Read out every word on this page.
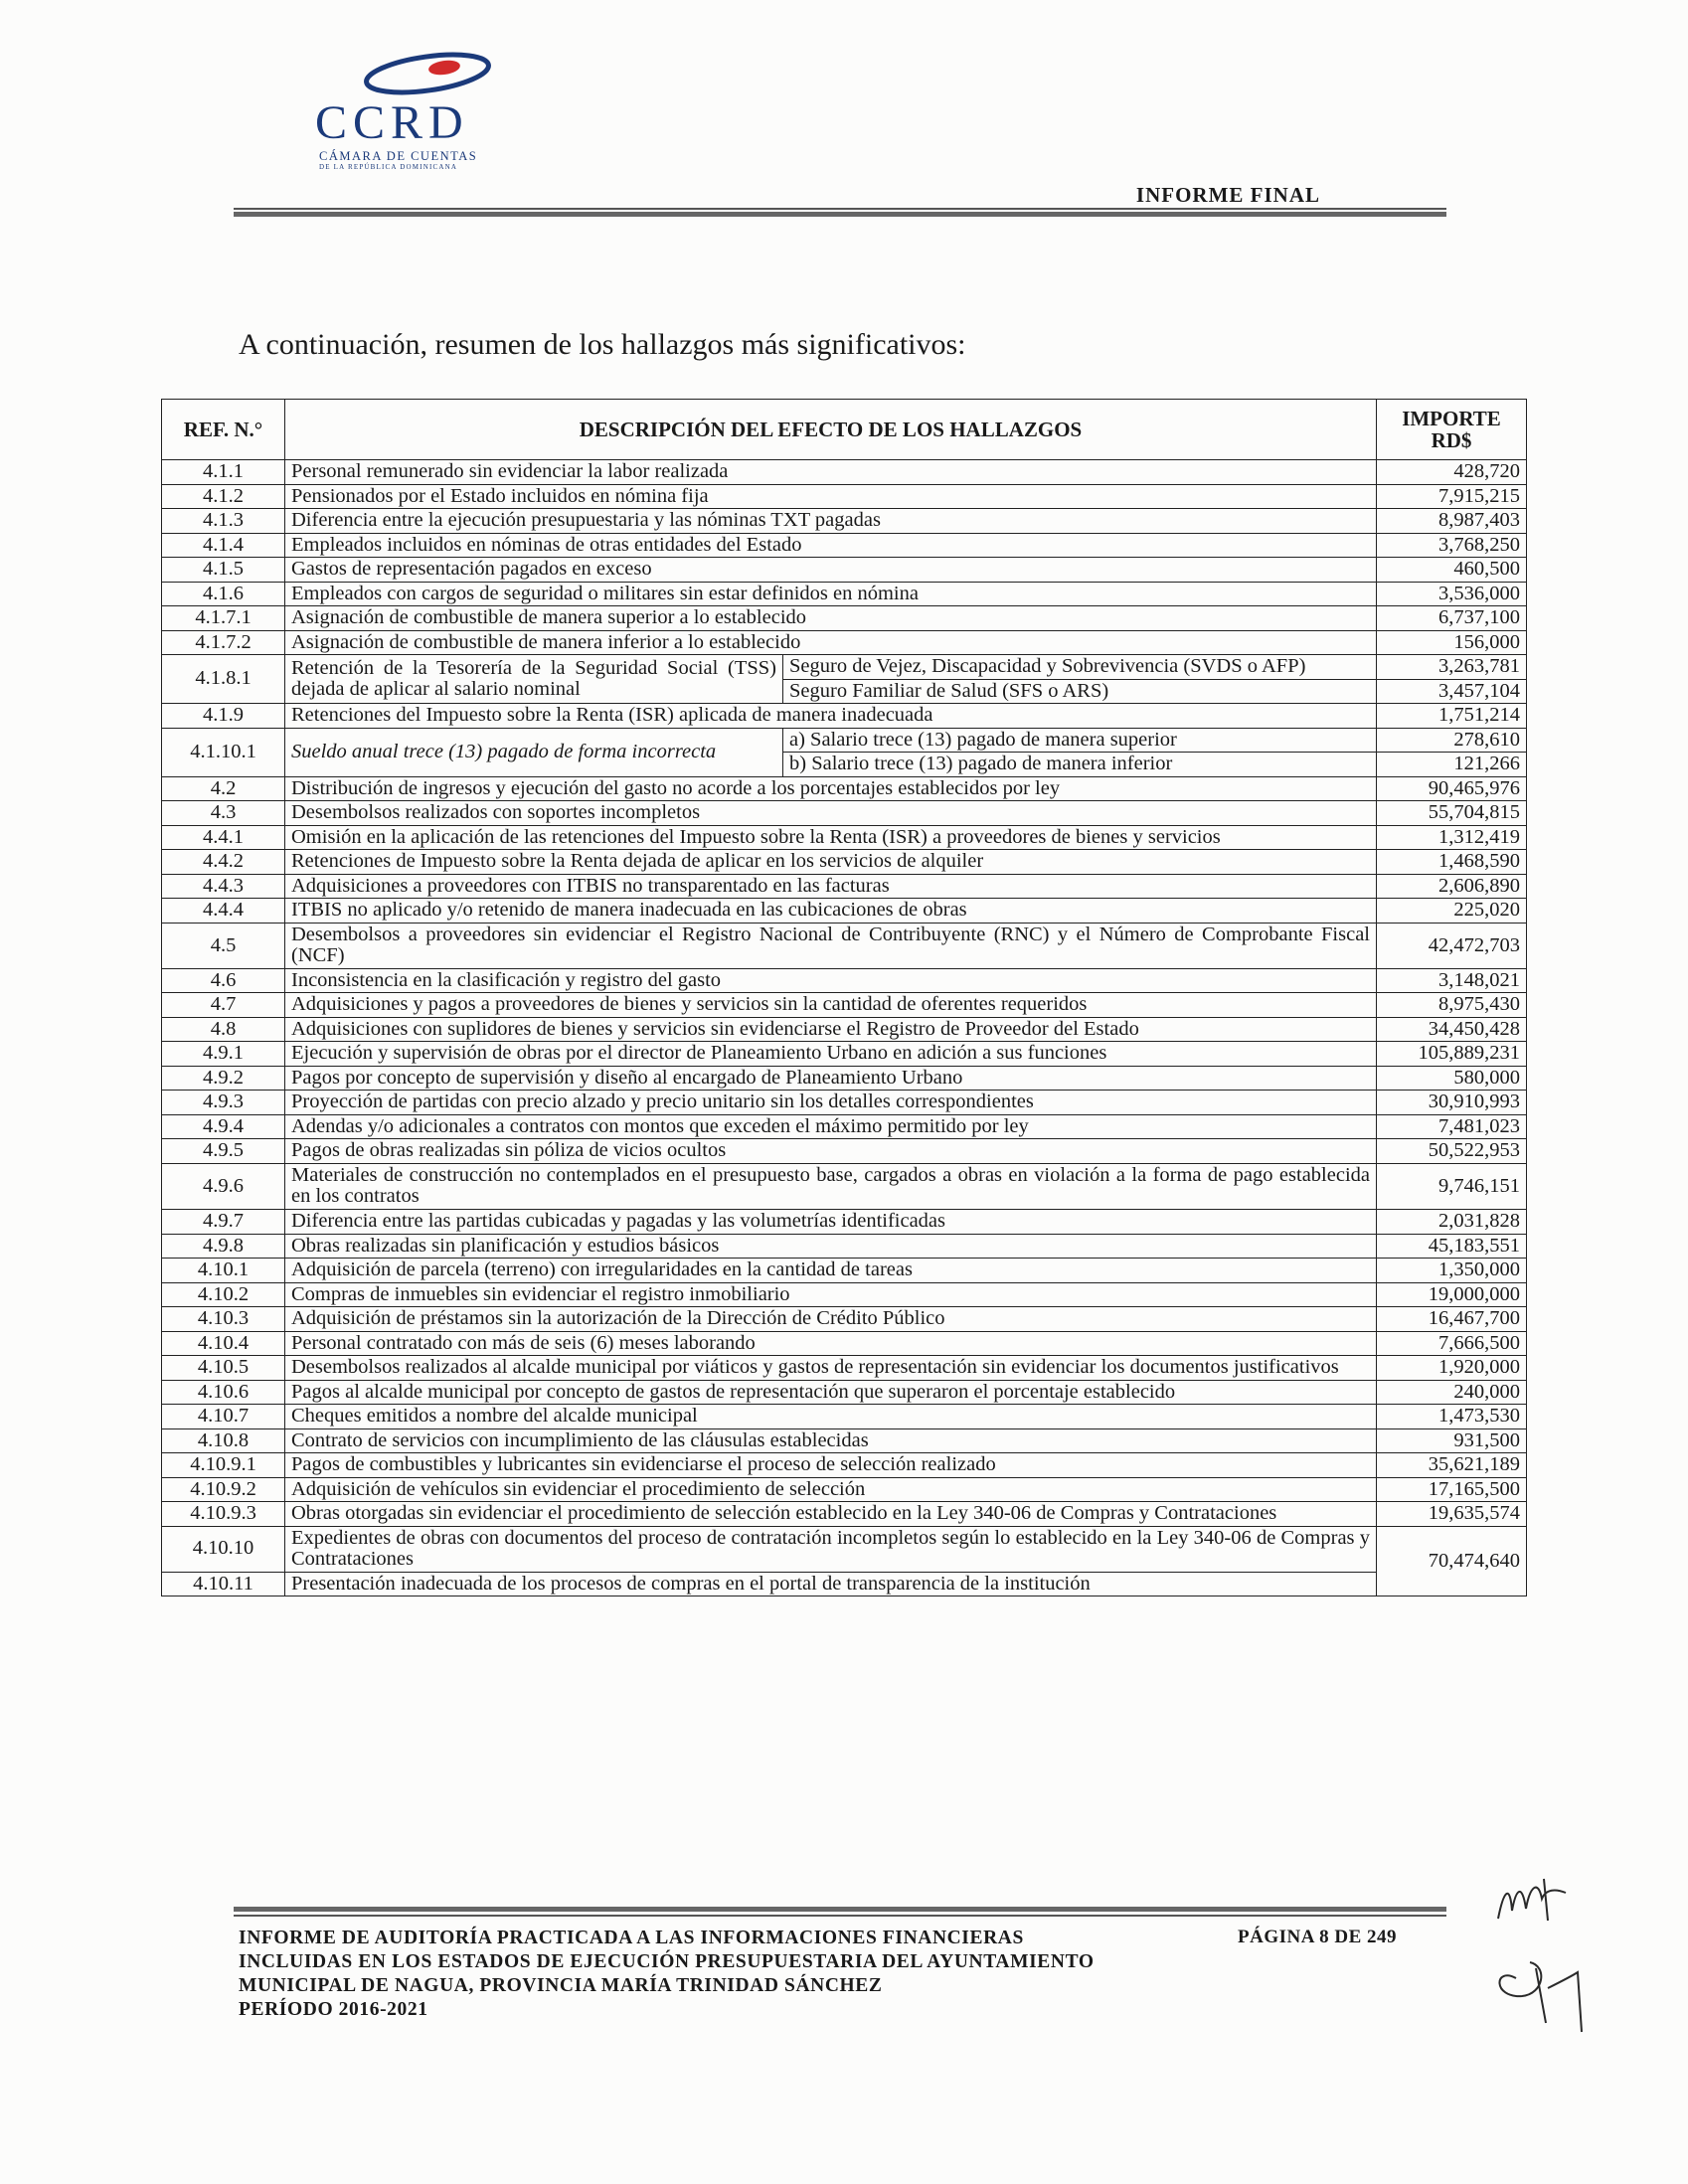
CCRD

CÁMARA DE CUENTAS
DE LA REPÚBLICA DOMINICANA
INFORME FINAL
A continuación, resumen de los hallazgos más significativos:
REF. N.°	DESCRIPCIÓN DEL EFECTO DE LOS HALLAZGOS		IMPORTE RD$
4.1.1	Personal remunerado sin evidenciar la labor realizada		428,720
4.1.2	Pensionados por el Estado incluidos en nómina fija		7,915,215
4.1.3	Diferencia entre la ejecución presupuestaria y las nóminas TXT pagadas		8,987,403
4.1.4	Empleados incluidos en nóminas de otras entidades del Estado		3,768,250
4.1.5	Gastos de representación pagados en exceso		460,500
4.1.6	Empleados con cargos de seguridad o militares sin estar definidos en nómina		3,536,000
4.1.7.1	Asignación de combustible de manera superior a lo establecido		6,737,100
4.1.7.2	Asignación de combustible de manera inferior a lo establecido		156,000
4.1.8.1	Retención de la Tesorería de la Seguridad Social (TSS) dejada de aplicar al salario nominal	Seguro de Vejez, Discapacidad y Sobrevivencia (SVDS o AFP)	3,263,781
		Seguro Familiar de Salud (SFS o ARS)	3,457,104
4.1.9	Retenciones del Impuesto sobre la Renta (ISR) aplicada de manera inadecuada		1,751,214
4.1.10.1	Sueldo anual trece (13) pagado de forma incorrecta	a) Salario trece (13) pagado de manera superior	278,610
		b) Salario trece (13) pagado de manera inferior	121,266
4.2	Distribución de ingresos y ejecución del gasto no acorde a los porcentajes establecidos por ley		90,465,976
4.3	Desembolsos realizados con soportes incompletos		55,704,815
4.4.1	Omisión en la aplicación de las retenciones del Impuesto sobre la Renta (ISR) a proveedores de bienes y servicios		1,312,419
4.4.2	Retenciones de Impuesto sobre la Renta dejada de aplicar en los servicios de alquiler		1,468,590
4.4.3	Adquisiciones a proveedores con ITBIS no transparentado en las facturas		2,606,890
4.4.4	ITBIS no aplicado y/o retenido de manera inadecuada en las cubicaciones de obras		225,020
4.5	Desembolsos a proveedores sin evidenciar el Registro Nacional de Contribuyente (RNC) y el Número de Comprobante Fiscal (NCF)		42,472,703
4.6	Inconsistencia en la clasificación y registro del gasto		3,148,021
4.7	Adquisiciones y pagos a proveedores de bienes y servicios sin la cantidad de oferentes requeridos		8,975,430
4.8	Adquisiciones con suplidores de bienes y servicios sin evidenciarse el Registro de Proveedor del Estado		34,450,428
4.9.1	Ejecución y supervisión de obras por el director de Planeamiento Urbano en adición a sus funciones		105,889,231
4.9.2	Pagos por concepto de supervisión y diseño al encargado de Planeamiento Urbano		580,000
4.9.3	Proyección de partidas con precio alzado y precio unitario sin los detalles correspondientes		30,910,993
4.9.4	Adendas y/o adicionales a contratos con montos que exceden el máximo permitido por ley		7,481,023
4.9.5	Pagos de obras realizadas sin póliza de vicios ocultos		50,522,953
4.9.6	Materiales de construcción no contemplados en el presupuesto base, cargados a obras en violación a la forma de pago establecida en los contratos		9,746,151
4.9.7	Diferencia entre las partidas cubicadas y pagadas y las volumetrías identificadas		2,031,828
4.9.8	Obras realizadas sin planificación y estudios básicos		45,183,551
4.10.1	Adquisición de parcela (terreno) con irregularidades en la cantidad de tareas		1,350,000
4.10.2	Compras de inmuebles sin evidenciar el registro inmobiliario		19,000,000
4.10.3	Adquisición de préstamos sin la autorización de la Dirección de Crédito Público		16,467,700
4.10.4	Personal contratado con más de seis (6) meses laborando		7,666,500
4.10.5	Desembolsos realizados al alcalde municipal por viáticos y gastos de representación sin evidenciar los documentos justificativos		1,920,000
4.10.6	Pagos al alcalde municipal por concepto de gastos de representación que superaron el porcentaje establecido		240,000
4.10.7	Cheques emitidos a nombre del alcalde municipal		1,473,530
4.10.8	Contrato de servicios con incumplimiento de las cláusulas establecidas		931,500
4.10.9.1	Pagos de combustibles y lubricantes sin evidenciarse el proceso de selección realizado		35,621,189
4.10.9.2	Adquisición de vehículos sin evidenciar el procedimiento de selección		17,165,500
4.10.9.3	Obras otorgadas sin evidenciar el procedimiento de selección establecido en la Ley 340-06 de Compras y Contrataciones		19,635,574
4.10.10	Expedientes de obras con documentos del proceso de contratación incompletos según lo establecido en la Ley 340-06 de Compras y Contrataciones		70,474,640
4.10.11	Presentación inadecuada de los procesos de compras en el portal de transparencia de la institución		

INFORME DE AUDITORÍA PRACTICADA A LAS INFORMACIONES FINANCIERAS

INCLUIDAS EN LOS ESTADOS DE EJECUCIÓN PRESUPUESTARIA DEL AYUNTAMIENTO

MUNICIPAL DE NAGUA, PROVINCIA MARÍA TRINIDAD SÁNCHEZ

PERÍODO 2016-2021

PÁGINA 8 DE 249
